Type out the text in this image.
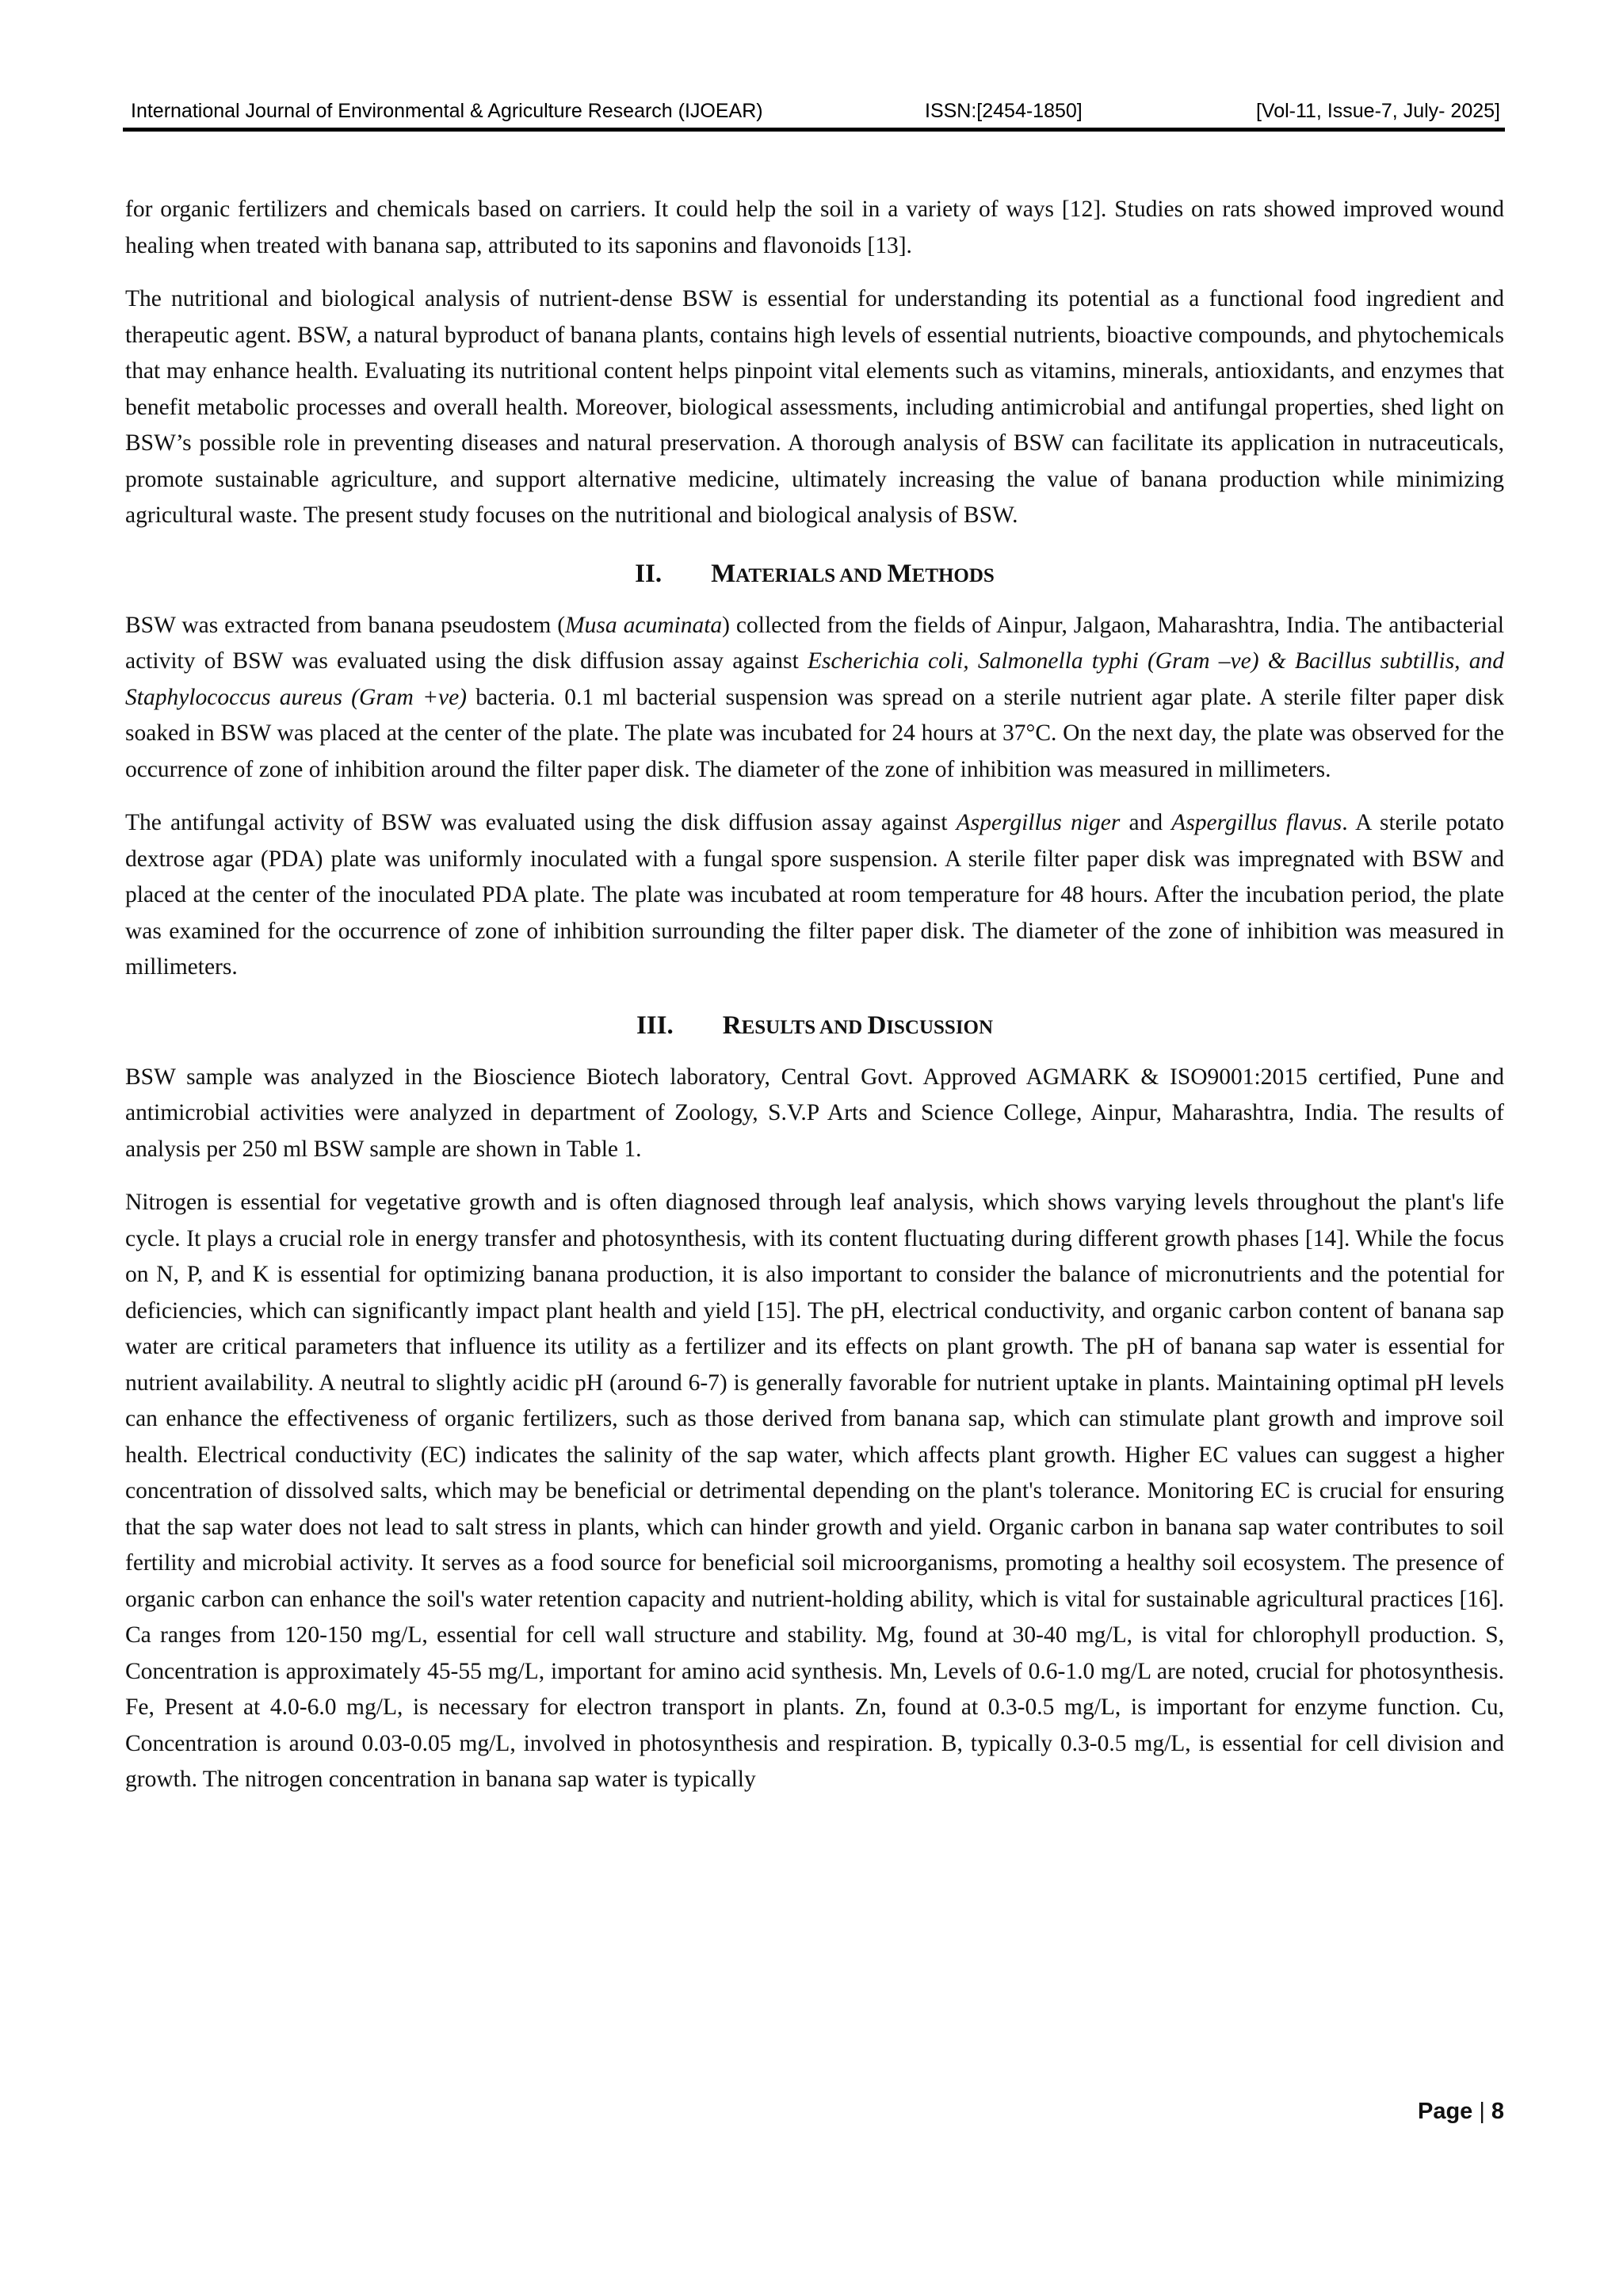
International Journal of Environmental & Agriculture Research (IJOEAR)	ISSN:[2454-1850]	[Vol-11, Issue-7, July- 2025]

for organic fertilizers and chemicals based on carriers. It could help the soil in a variety of ways [12]. Studies on rats showed improved wound healing when treated with banana sap, attributed to its saponins and flavonoids [13].

The nutritional and biological analysis of nutrient-dense BSW is essential for understanding its potential as a functional food ingredient and therapeutic agent. BSW, a natural byproduct of banana plants, contains high levels of essential nutrients, bioactive compounds, and phytochemicals that may enhance health. Evaluating its nutritional content helps pinpoint vital elements such as vitamins, minerals, antioxidants, and enzymes that benefit metabolic processes and overall health. Moreover, biological assessments, including antimicrobial and antifungal properties, shed light on BSW’s possible role in preventing diseases and natural preservation. A thorough analysis of BSW can facilitate its application in nutraceuticals, promote sustainable agriculture, and support alternative medicine, ultimately increasing the value of banana production while minimizing agricultural waste. The present study focuses on the nutritional and biological analysis of BSW.

II. MATERIALS AND METHODS

BSW was extracted from banana pseudostem (Musa acuminata) collected from the fields of Ainpur, Jalgaon, Maharashtra, India. The antibacterial activity of BSW was evaluated using the disk diffusion assay against Escherichia coli, Salmonella typhi (Gram –ve) & Bacillus subtillis, and Staphylococcus aureus (Gram +ve) bacteria. 0.1 ml bacterial suspension was spread on a sterile nutrient agar plate. A sterile filter paper disk soaked in BSW was placed at the center of the plate. The plate was incubated for 24 hours at 37°C. On the next day, the plate was observed for the occurrence of zone of inhibition around the filter paper disk. The diameter of the zone of inhibition was measured in millimeters.

The antifungal activity of BSW was evaluated using the disk diffusion assay against Aspergillus niger and Aspergillus flavus. A sterile potato dextrose agar (PDA) plate was uniformly inoculated with a fungal spore suspension. A sterile filter paper disk was impregnated with BSW and placed at the center of the inoculated PDA plate. The plate was incubated at room temperature for 48 hours. After the incubation period, the plate was examined for the occurrence of zone of inhibition surrounding the filter paper disk. The diameter of the zone of inhibition was measured in millimeters.

III. RESULTS AND DISCUSSION

BSW sample was analyzed in the Bioscience Biotech laboratory, Central Govt. Approved AGMARK & ISO9001:2015 certified, Pune and antimicrobial activities were analyzed in department of Zoology, S.V.P Arts and Science College, Ainpur, Maharashtra, India. The results of analysis per 250 ml BSW sample are shown in Table 1.

Nitrogen is essential for vegetative growth and is often diagnosed through leaf analysis, which shows varying levels throughout the plant's life cycle. It plays a crucial role in energy transfer and photosynthesis, with its content fluctuating during different growth phases [14]. While the focus on N, P, and K is essential for optimizing banana production, it is also important to consider the balance of micronutrients and the potential for deficiencies, which can significantly impact plant health and yield [15]. The pH, electrical conductivity, and organic carbon content of banana sap water are critical parameters that influence its utility as a fertilizer and its effects on plant growth. The pH of banana sap water is essential for nutrient availability. A neutral to slightly acidic pH (around 6-7) is generally favorable for nutrient uptake in plants. Maintaining optimal pH levels can enhance the effectiveness of organic fertilizers, such as those derived from banana sap, which can stimulate plant growth and improve soil health. Electrical conductivity (EC) indicates the salinity of the sap water, which affects plant growth. Higher EC values can suggest a higher concentration of dissolved salts, which may be beneficial or detrimental depending on the plant's tolerance. Monitoring EC is crucial for ensuring that the sap water does not lead to salt stress in plants, which can hinder growth and yield. Organic carbon in banana sap water contributes to soil fertility and microbial activity. It serves as a food source for beneficial soil microorganisms, promoting a healthy soil ecosystem. The presence of organic carbon can enhance the soil's water retention capacity and nutrient-holding ability, which is vital for sustainable agricultural practices [16]. Ca ranges from 120-150 mg/L, essential for cell wall structure and stability. Mg, found at 30-40 mg/L, is vital for chlorophyll production. S, Concentration is approximately 45-55 mg/L, important for amino acid synthesis. Mn, Levels of 0.6-1.0 mg/L are noted, crucial for photosynthesis. Fe, Present at 4.0-6.0 mg/L, is necessary for electron transport in plants. Zn, found at 0.3-0.5 mg/L, is important for enzyme function. Cu, Concentration is around 0.03-0.05 mg/L, involved in photosynthesis and respiration. B, typically 0.3-0.5 mg/L, is essential for cell division and growth. The nitrogen concentration in banana sap water is typically

Page | 8
